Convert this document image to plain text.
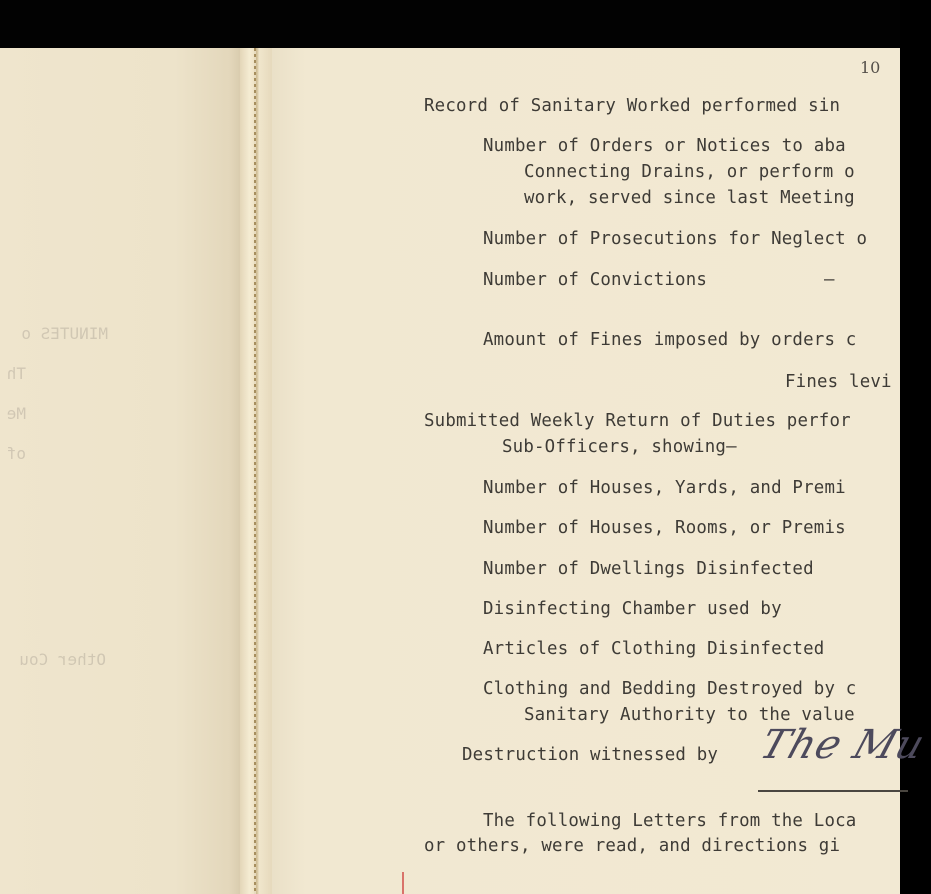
MINUTES o
Th
Me
of
Other Cou
10
Record of Sanitary Worked performed sin
Number of Orders or Notices to aba
Connecting Drains, or perform o
work, served since last Meeting
Number of Prosecutions for Neglect o
Number of Convictions	–
Amount of Fines imposed by orders c
Fines levi
Submitted Weekly Return of Duties perfor
Sub-Officers, showing—
Number of Houses, Yards, and Premi
Number of Houses, Rooms, or Premis
Number of Dwellings Disinfected
Disinfecting Chamber used by
Articles of Clothing Disinfected
Clothing and Bedding Destroyed by c
Sanitary Authority to the value
Destruction witnessed by The Mu
The following Letters from the Loca
or others, were read, and directions gi
